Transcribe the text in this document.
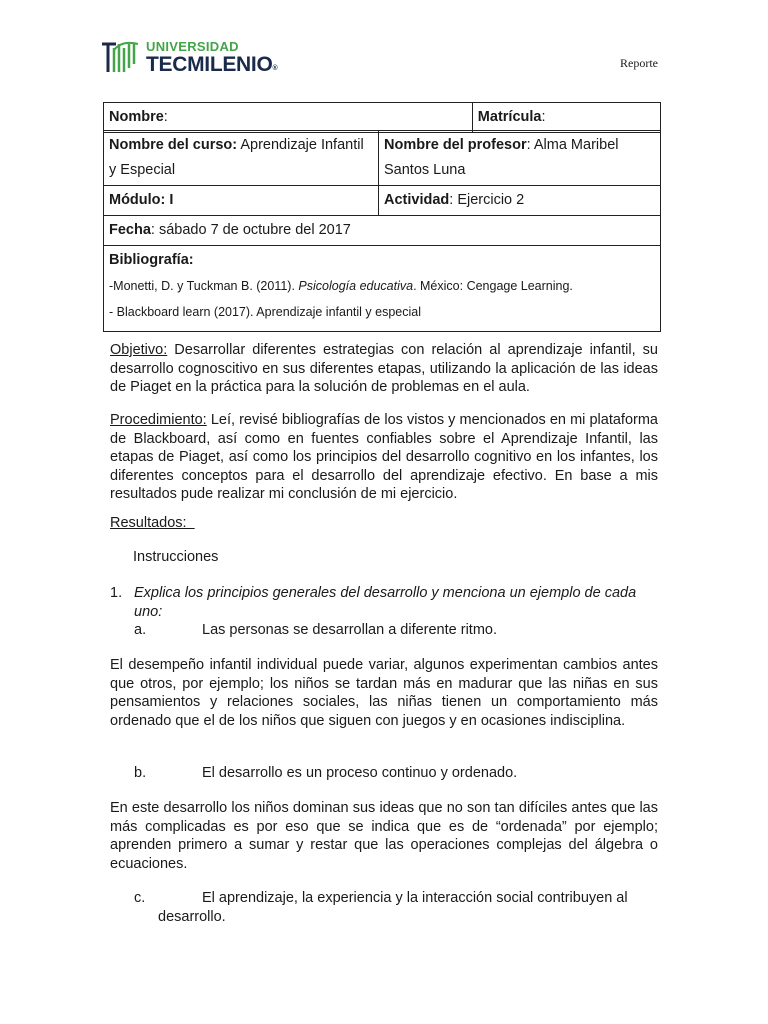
UNIVERSIDAD
TECMILENIO®	Reporte
Nombre:	Matrícula:
Nombre del curso: Aprendizaje Infantil y Especial	Nombre del profesor: Alma Maribel Santos Luna
Módulo: I	Actividad: Ejercicio 2
Fecha: sábado 7 de octubre del 2017	
Bibliografía:

-Monetti, D. y Tuckman B. (2011). Psicología educativa. México: Cengage Learning.

- Blackboard learn (2017). Aprendizaje infantil y especial	

Objetivo: Desarrollar diferentes estrategias con relación al aprendizaje infantil, su desarrollo cognoscitivo en sus diferentes etapas, utilizando la aplicación de las ideas de Piaget en la práctica para la solución de problemas en el aula.

Procedimiento: Leí, revisé bibliografías de los vistos y mencionados en mi plataforma de Blackboard, así como en fuentes confiables sobre el Aprendizaje Infantil, las etapas de Piaget, así como los principios del desarrollo cognitivo en los infantes, los diferentes conceptos para el desarrollo del aprendizaje efectivo. En base a mis resultados pude realizar mi conclusión de mi ejercicio.

Resultados:

Instrucciones
1. Explica los principios generales del desarrollo y menciona un ejemplo de cada uno:
a.	Las personas se desarrollan a diferente ritmo.

El desempeño infantil individual puede variar, algunos experimentan cambios antes que otros, por ejemplo; los niños se tardan más en madurar que las niñas en sus pensamientos y relaciones sociales, las niñas tienen un comportamiento más ordenado que el de los niños que siguen con juegos y en ocasiones indisciplina.

b.	El desarrollo es un proceso continuo y ordenado.

En este desarrollo los niños dominan sus ideas que no son tan difíciles antes que las más complicadas es por eso que se indica que es de “ordenada” por ejemplo; aprenden primero a sumar y restar que las operaciones complejas del álgebra o ecuaciones.

c.	El aprendizaje, la experiencia y la interacción social contribuyen al
desarrollo.
